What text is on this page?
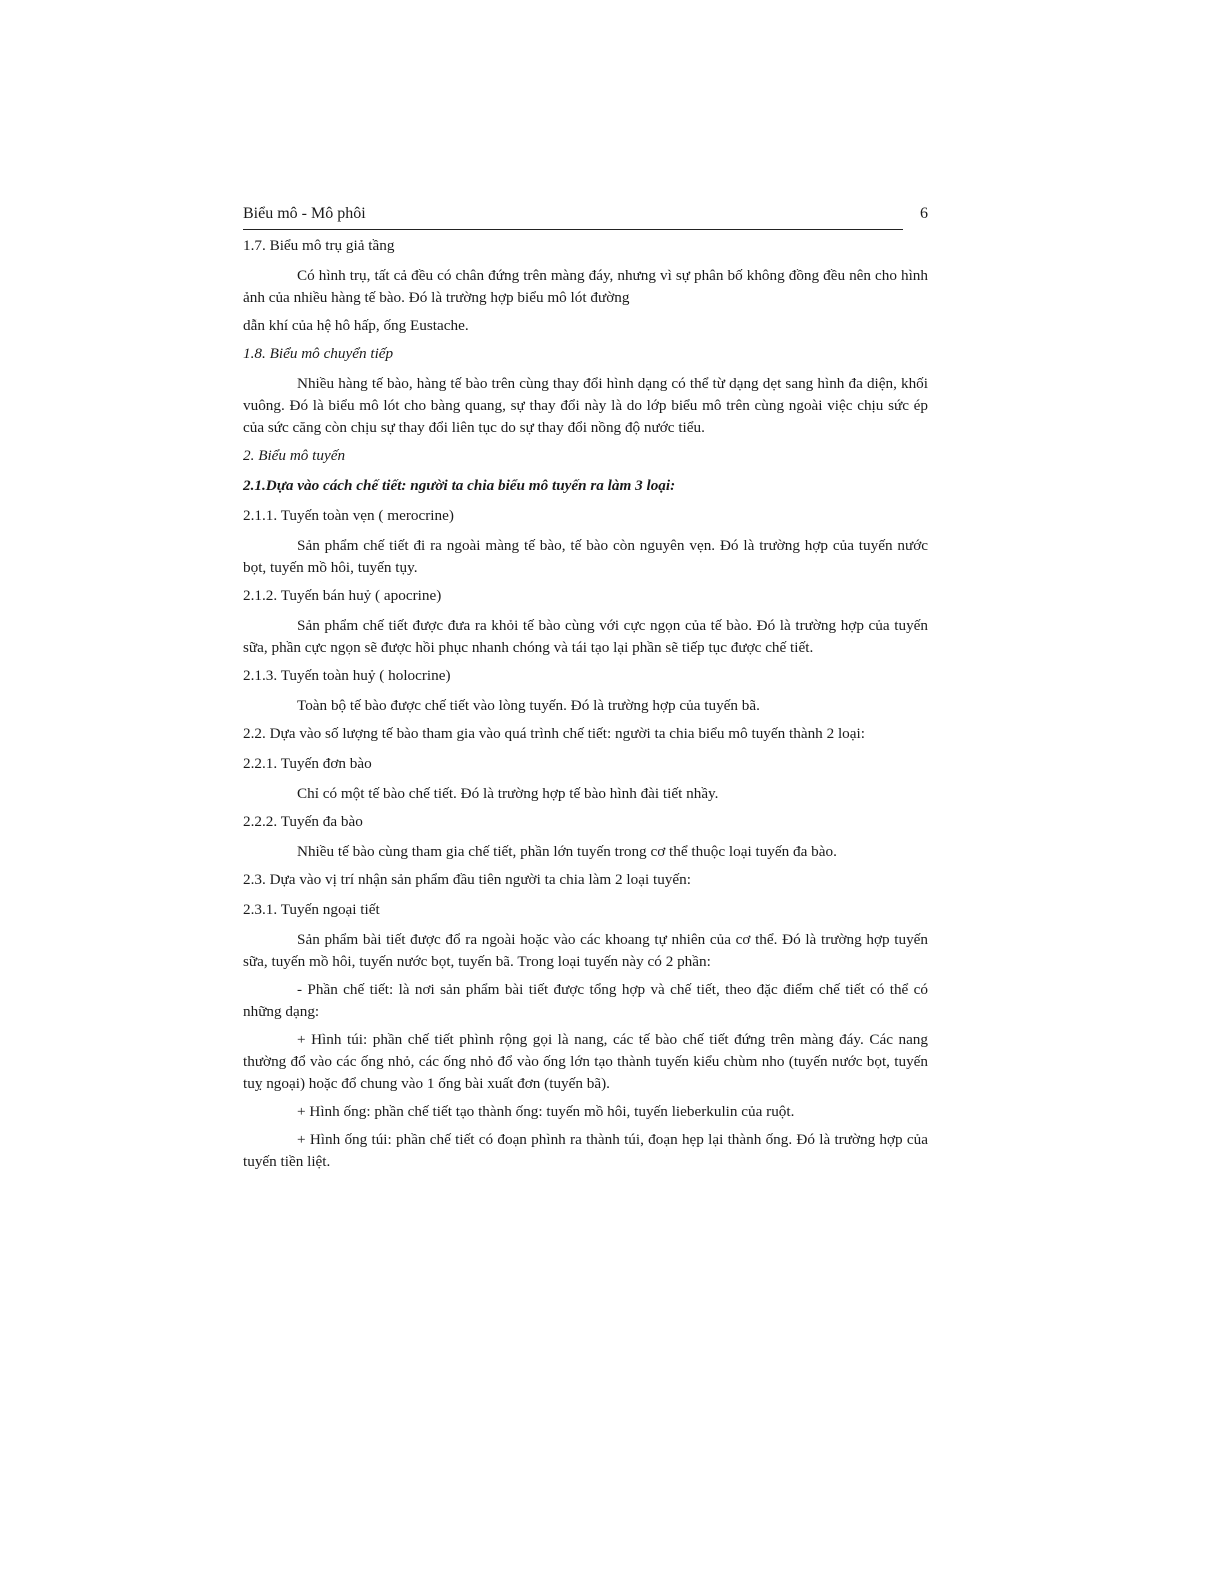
Biểu mô - Mô phôi	6

1.7. Biểu mô trụ giả tầng

Có hình trụ, tất cả đều có chân đứng trên màng đáy, nhưng vì sự phân bố không đồng đều nên cho hình ảnh của nhiều hàng tế bào. Đó là trường hợp biểu mô lót đường

dẫn khí của hệ hô hấp, ống Eustache.

1.8. Biểu mô chuyển tiếp

Nhiều hàng tế bào, hàng tế bào trên cùng thay đổi hình dạng có thể từ dạng dẹt sang hình đa diện, khối vuông. Đó là biểu mô lót cho bàng quang, sự thay đổi này là do lớp biểu mô trên cùng ngoài việc chịu sức ép của sức căng còn chịu sự thay đổi liên tục do sự thay đổi nồng độ nước tiểu.

2. Biểu mô tuyến

2.1.Dựa vào cách chế tiết: người ta chia biểu mô tuyến ra làm 3 loại:

2.1.1. Tuyến toàn vẹn ( merocrine)

Sản phẩm chế tiết đi ra ngoài màng tế bào, tế bào còn nguyên vẹn. Đó là trường hợp của tuyến nước bọt, tuyến mồ hôi, tuyến tụy.

2.1.2. Tuyến bán huỷ ( apocrine)

Sản phẩm chế tiết được đưa ra khỏi tế bào cùng với cực ngọn của tế bào. Đó là trường hợp của tuyến sữa, phần cực ngọn sẽ được hồi phục nhanh chóng và tái tạo lại phần sẽ tiếp tục được chế tiết.

2.1.3. Tuyến toàn huỷ ( holocrine)

Toàn bộ tế bào được chế tiết vào lòng tuyến. Đó là trường hợp của tuyến bã.

2.2. Dựa vào số lượng tế bào tham gia vào quá trình chế tiết: người ta chia biểu mô tuyến thành 2 loại:

2.2.1. Tuyến đơn bào

Chỉ có một tế bào chế tiết. Đó là trường hợp tế bào hình đài tiết nhầy.

2.2.2. Tuyến đa bào

Nhiều tế bào cùng tham gia chế tiết, phần lớn tuyến trong cơ thể thuộc loại tuyến đa bào.

2.3. Dựa vào vị trí nhận sản phẩm đầu tiên người ta chia làm 2 loại tuyến:

2.3.1. Tuyến ngoại tiết

Sản phẩm bài tiết được đổ ra ngoài hoặc vào các khoang tự nhiên của cơ thể. Đó là trường hợp tuyến sữa, tuyến mồ hôi, tuyến nước bọt, tuyến bã. Trong loại tuyến này có 2 phần:

- Phần chế tiết: là nơi sản phẩm bài tiết được tổng hợp và chế tiết, theo đặc điểm chế tiết có thể có những dạng:

+ Hình túi: phần chế tiết phình rộng gọi là nang, các tế bào chế tiết đứng trên màng đáy. Các nang thường đổ vào các ống nhỏ, các ống nhỏ đổ vào ống lớn tạo thành tuyến kiểu chùm nho (tuyến nước bọt, tuyến tuỵ ngoại) hoặc đổ chung vào 1 ống bài xuất đơn (tuyến bã).

+ Hình ống: phần chế tiết tạo thành ống: tuyến mồ hôi, tuyến lieberkulin của ruột.

+ Hình ống túi: phần chế tiết có đoạn phình ra thành túi, đoạn hẹp lại thành ống. Đó là trường hợp của tuyến tiền liệt.
